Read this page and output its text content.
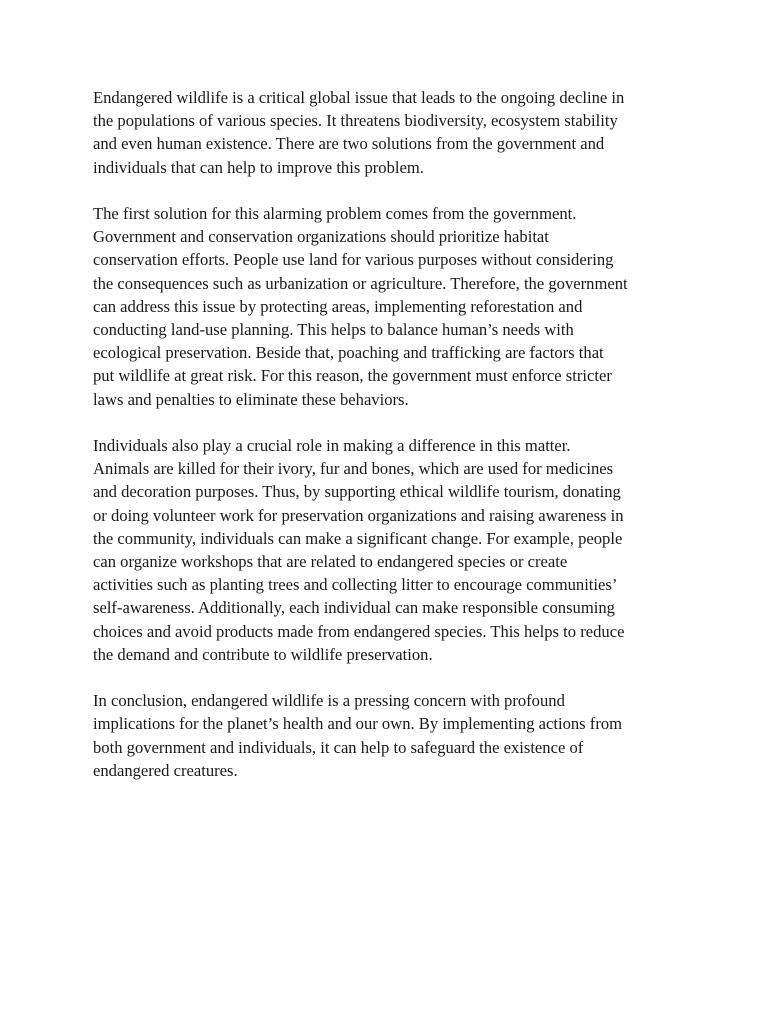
Endangered wildlife is a critical global issue that leads to the ongoing decline in
the populations of various species. It threatens biodiversity, ecosystem stability
and even human existence. There are two solutions from the government and
individuals that can help to improve this problem.

The first solution for this alarming problem comes from the government.
Government and conservation organizations should prioritize habitat
conservation efforts. People use land for various purposes without considering
the consequences such as urbanization or agriculture. Therefore, the government
can address this issue by protecting areas, implementing reforestation and
conducting land-use planning. This helps to balance human’s needs with
ecological preservation. Beside that, poaching and trafficking are factors that
put wildlife at great risk. For this reason, the government must enforce stricter
laws and penalties to eliminate these behaviors.

Individuals also play a crucial role in making a difference in this matter.
Animals are killed for their ivory, fur and bones, which are used for medicines
and decoration purposes. Thus, by supporting ethical wildlife tourism, donating
or doing volunteer work for preservation organizations and raising awareness in
the community, individuals can make a significant change. For example, people
can organize workshops that are related to endangered species or create
activities such as planting trees and collecting litter to encourage communities’
self-awareness. Additionally, each individual can make responsible consuming
choices and avoid products made from endangered species. This helps to reduce
the demand and contribute to wildlife preservation.

In conclusion, endangered wildlife is a pressing concern with profound
implications for the planet’s health and our own. By implementing actions from
both government and individuals, it can help to safeguard the existence of
endangered creatures.
